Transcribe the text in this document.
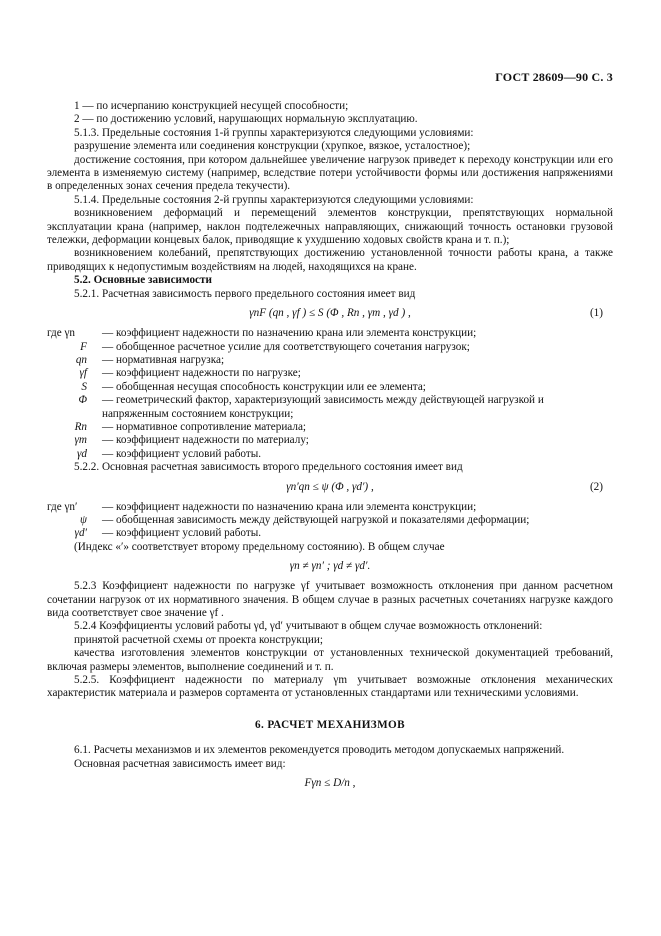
ГОСТ 28609—90 С. 3

1 — по исчерпанию конструкцией несущей способности;

2 — по достижению условий, нарушающих нормальную эксплуатацию.

5.1.3. Предельные состояния 1-й группы характеризуются следующими условиями:

разрушение элемента или соединения конструкции (хрупкое, вязкое, усталостное);

достижение состояния, при котором дальнейшее увеличение нагрузок приведет к переходу конструкции или его элемента в изменяемую систему (например, вследствие потери устойчивости формы или достижения напряжениями в определенных зонах сечения предела текучести).

5.1.4. Предельные состояния 2-й группы характеризуются следующими условиями:

возникновением деформаций и перемещений элементов конструкции, препятствующих нормальной эксплуатации крана (например, наклон подтележечных направляющих, снижающий точность остановки грузовой тележки, деформации концевых балок, приводящие к ухудшению ходовых свойств крана и т. п.);

возникновением колебаний, препятствующих достижению установленной точности работы крана, а также приводящих к недопустимым воздействиям на людей, находящихся на кране.

5.2. Основные зависимости

5.2.1. Расчетная зависимость первого предельного состояния имеет вид

γnF (qn , γf ) ≤ S (Φ , Rn , γm , γd ) ,	(1)
где γn	— коэффициент надежности по назначению крана или элемента конструкции;
F — обобщенное расчетное усилие для соответствующего сочетания нагрузок;
qn — нормативная нагрузка;
γf — коэффициент надежности по нагрузке;
S — обобщенная несущая способность конструкции или ее элемента;
Φ — геометрический фактор, характеризующий зависимость между действующей нагрузкой и напряженным состоянием конструкции;
Rn — нормативное сопротивление материала;
γm — коэффициент надежности по материалу;
γd — коэффициент условий работы.

5.2.2. Основная расчетная зависимость второго предельного состояния имеет вид

γn′qn ≤ ψ (Φ , γd′) ,	(2)
где γn′	— коэффициент надежности по назначению крана или элемента конструкции;
ψ — обобщенная зависимость между действующей нагрузкой и показателями деформации;
γd′ — коэффициент условий работы.

(Индекс «′» соответствует второму предельному состоянию). В общем случае

γn ≠ γn′ ; γd ≠ γd′.

5.2.3 Коэффициент надежности по нагрузке γf учитывает возможность отклонения при данном расчетном сочетании нагрузок от их нормативного значения. В общем случае в разных расчетных сочетаниях нагрузке каждого вида соответствует свое значение γf .

5.2.4 Коэффициенты условий работы γd, γd′ учитывают в общем случае возможность отклонений:

принятой расчетной схемы от проекта конструкции;

качества изготовления элементов конструкции от установленных технической документацией требований, включая размеры элементов, выполнение соединений и т. п.

5.2.5. Коэффициент надежности по материалу γm учитывает возможные отклонения механических характеристик материала и размеров сортамента от установленных стандартами или техническими условиями.

6. РАСЧЕТ МЕХАНИЗМОВ

6.1. Расчеты механизмов и их элементов рекомендуется проводить методом допускаемых напряжений.

Основная расчетная зависимость имеет вид:

Fγn ≤ D/n ,
